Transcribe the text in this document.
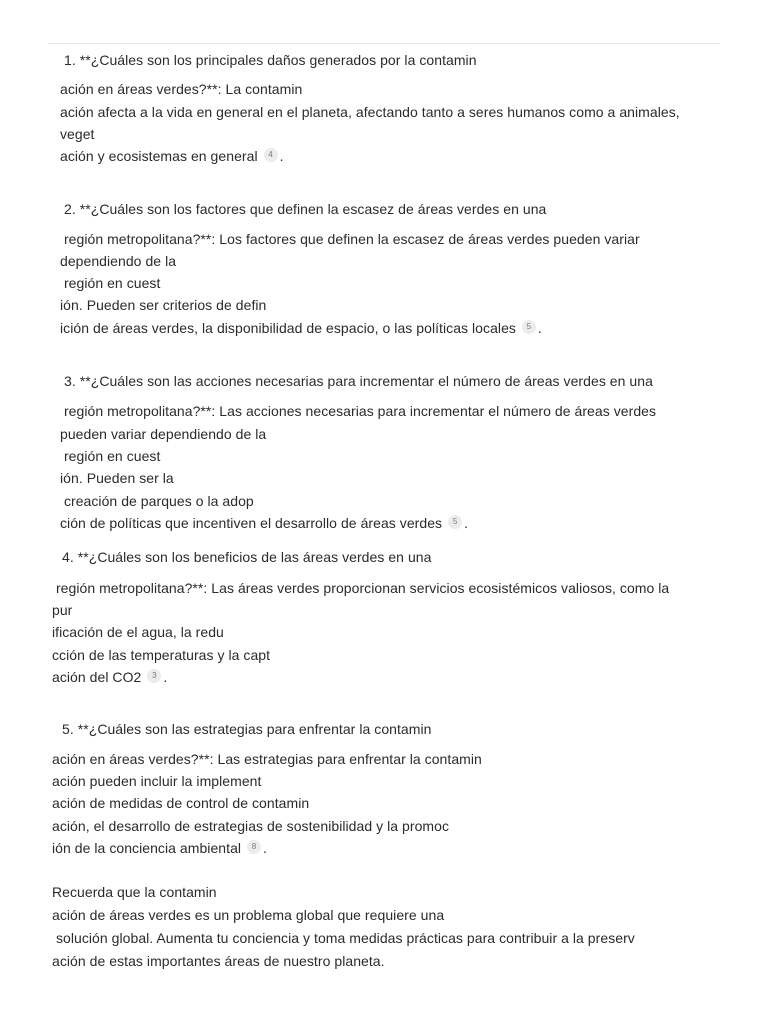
1. **¿Cuáles son los principales daños generados por la contamin
ación en áreas verdes?**: La contamin
ación afecta a la vida en general en el planeta, afectando tanto a seres humanos como a animales,
veget
ación y ecosistemas en general 4 .
2. **¿Cuáles son los factores que definen la escasez de áreas verdes en una
región metropolitana?**: Los factores que definen la escasez de áreas verdes pueden variar
dependiendo de la
región en cuest
ión. Pueden ser criterios de defin
ición de áreas verdes, la disponibilidad de espacio, o las políticas locales 5 .
3. **¿Cuáles son las acciones necesarias para incrementar el número de áreas verdes en una
región metropolitana?**: Las acciones necesarias para incrementar el número de áreas verdes
pueden variar dependiendo de la
región en cuest
ión. Pueden ser la
creación de parques o la adop
ción de políticas que incentiven el desarrollo de áreas verdes 5 .
4. **¿Cuáles son los beneficios de las áreas verdes en una
región metropolitana?**: Las áreas verdes proporcionan servicios ecosistémicos valiosos, como la
pur
ificación de el agua, la redu
cción de las temperaturas y la capt
ación del CO2 3 .
5. **¿Cuáles son las estrategias para enfrentar la contamin
ación en áreas verdes?**: Las estrategias para enfrentar la contamin
ación pueden incluir la implement
ación de medidas de control de contamin
ación, el desarrollo de estrategias de sostenibilidad y la promoc
ión de la conciencia ambiental 8 .
Recuerda que la contamin
ación de áreas verdes es un problema global que requiere una
solución global. Aumenta tu conciencia y toma medidas prácticas para contribuir a la preserv
ación de estas importantes áreas de nuestro planeta.
